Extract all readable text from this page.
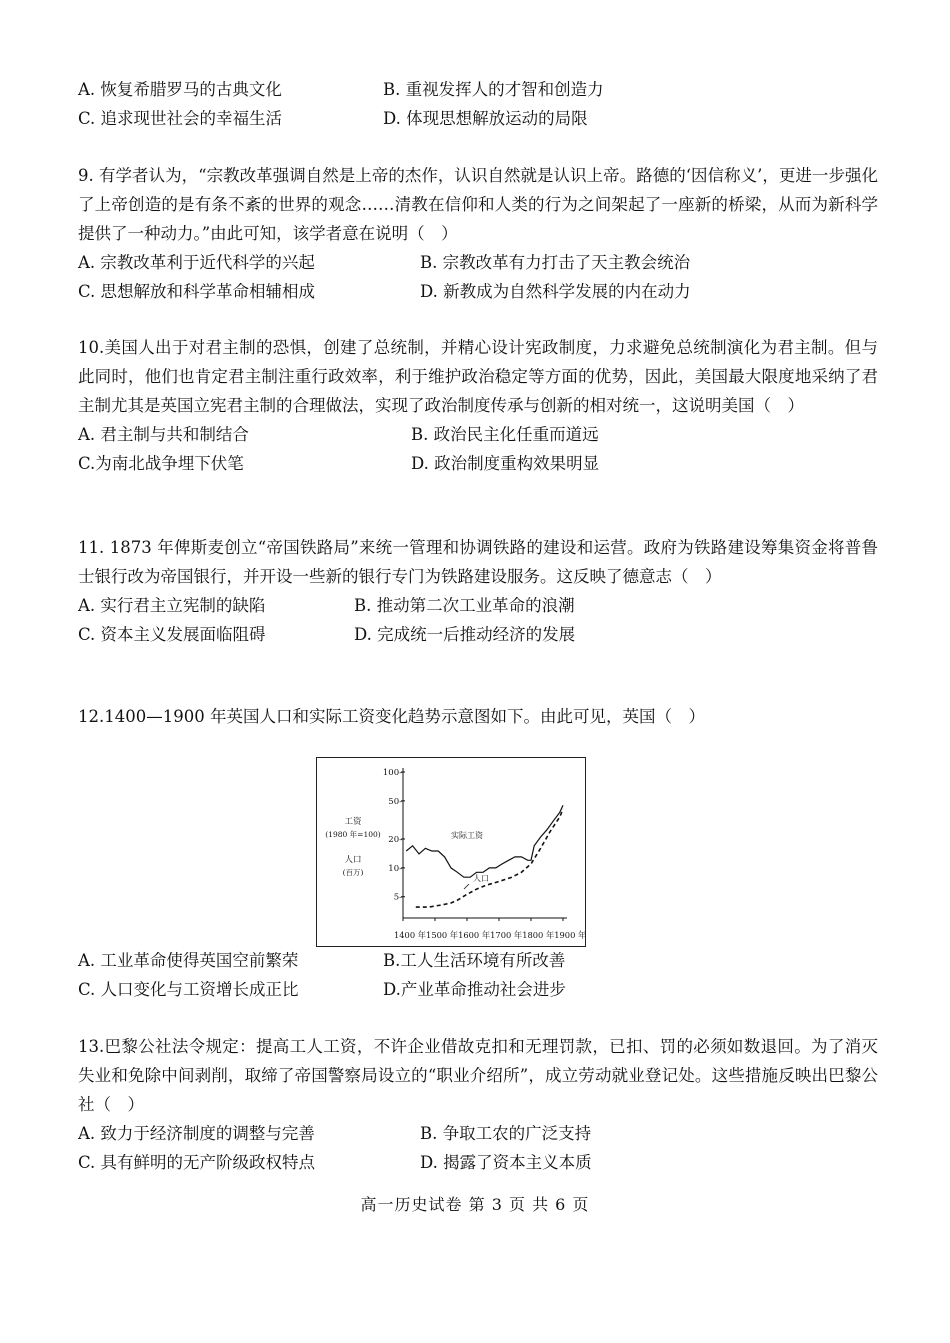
A. 恢复希腊罗马的古典文化	B. 重视发挥人的才智和创造力
C. 追求现世社会的幸福生活	D. 体现思想解放运动的局限
9. 有学者认为，“宗教改革强调自然是上帝的杰作，认识自然就是认识上帝。路德的‘因信称义’，更进一步强化了上帝创造的是有条不紊的世界的观念……清教在信仰和人类的行为之间架起了一座新的桥梁，从而为新科学提供了一种动力。”由此可知，该学者意在说明（　）
A. 宗教改革利于近代科学的兴起	B. 宗教改革有力打击了天主教会统治
C. 思想解放和科学革命相辅相成	D. 新教成为自然科学发展的内在动力
10.美国人出于对君主制的恐惧，创建了总统制，并精心设计宪政制度，力求避免总统制演化为君主制。但与此同时，他们也肯定君主制注重行政效率，利于维护政治稳定等方面的优势，因此，美国最大限度地采纳了君主制尤其是英国立宪君主制的合理做法，实现了政治制度传承与创新的相对统一，这说明美国（　）
A. 君主制与共和制结合	B. 政治民主化任重而道远
C.为南北战争埋下伏笔	D. 政治制度重构效果明显
11. 1873 年俾斯麦创立“帝国铁路局”来统一管理和协调铁路的建设和运营。政府为铁路建设筹集资金将普鲁士银行改为帝国银行，并开设一些新的银行专门为铁路建设服务。这反映了德意志（　）
A. 实行君主立宪制的缺陷	B. 推动第二次工业革命的浪潮
C. 资本主义发展面临阻碍	D. 完成统一后推动经济的发展
12.1400—1900 年英国人口和实际工资变化趋势示意图如下。由此可见，英国（　）
100-
50-
20-
10-
5-
1400 年1500 年1600 年1700 年1800 年1900 年
工资
(1980 年=100)
人口
(百万)
实际工资
人口
A. 工业革命使得英国空前繁荣	B.工人生活环境有所改善
C. 人口变化与工资增长成正比	D.产业革命推动社会进步
13.巴黎公社法令规定：提高工人工资，不许企业借故克扣和无理罚款，已扣、罚的必须如数退回。为了消灭失业和免除中间剥削，取缔了帝国警察局设立的“职业介绍所”，成立劳动就业登记处。这些措施反映出巴黎公社（　）
A. 致力于经济制度的调整与完善	B. 争取工农的广泛支持
C. 具有鲜明的无产阶级政权特点	D. 揭露了资本主义本质
高一历史试卷 第 3 页 共 6 页
